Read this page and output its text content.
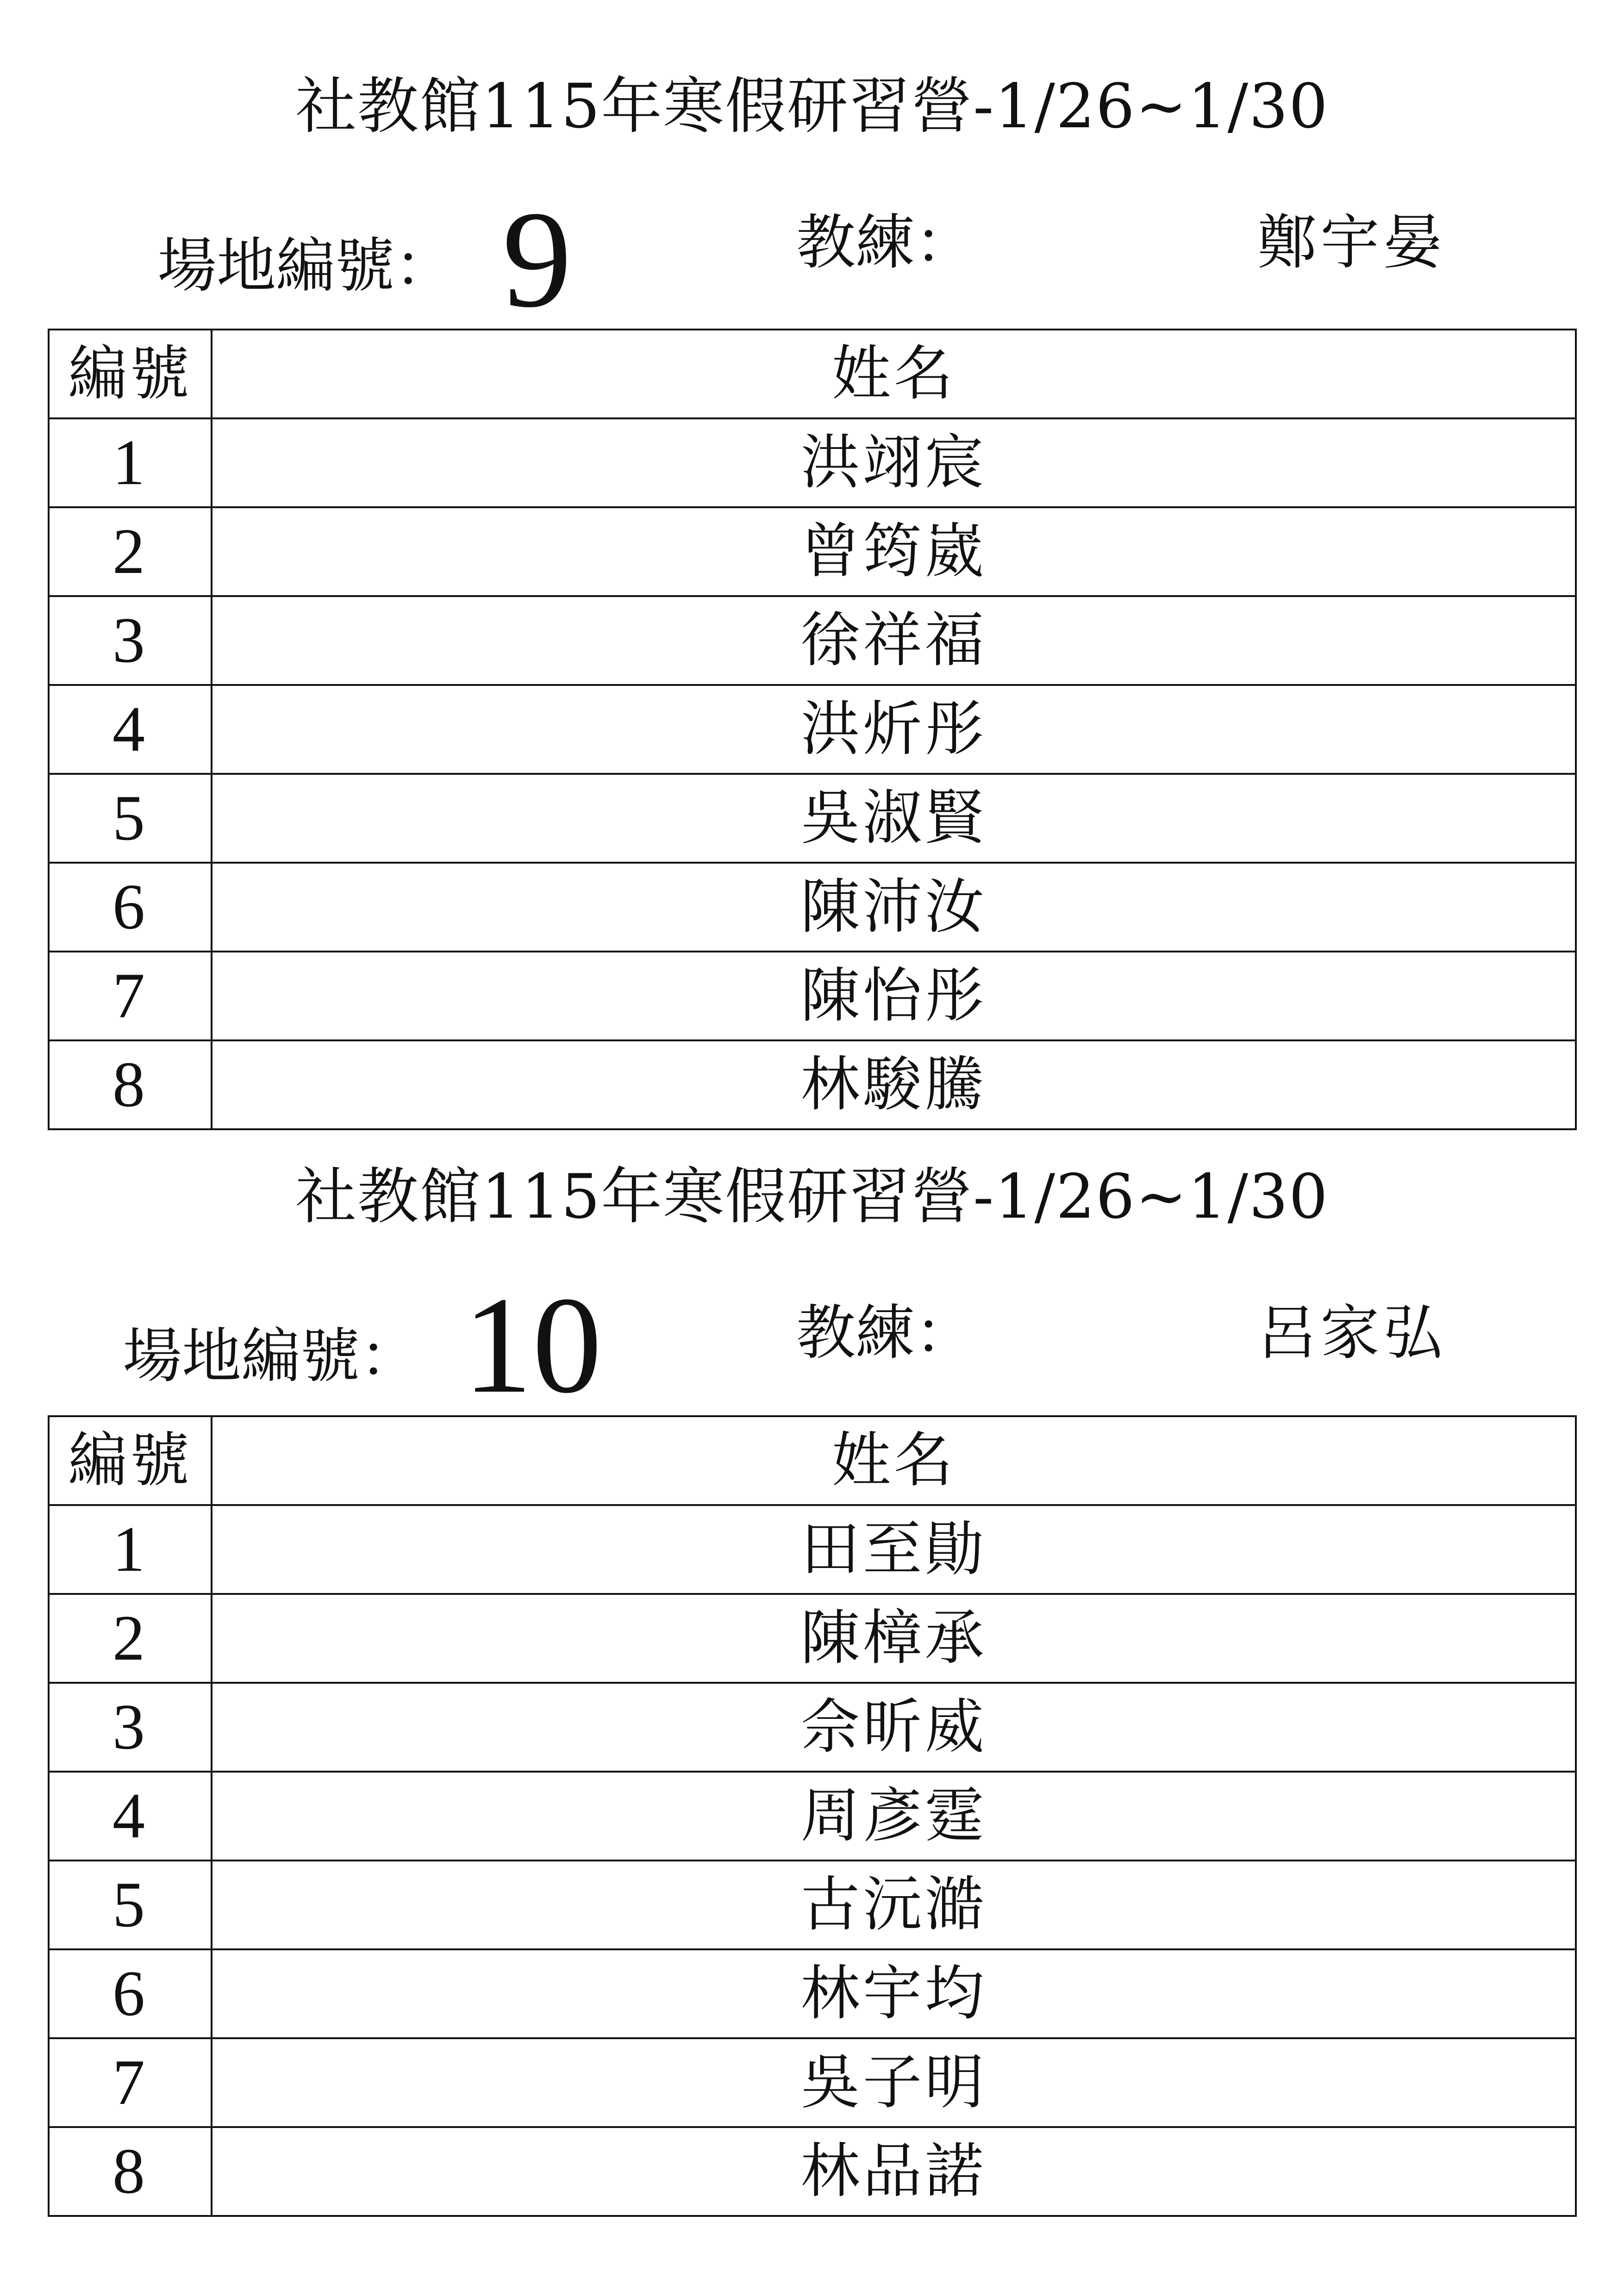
社教館115年寒假研習營-1/26~1/30
場地編號： 9	教練：	鄭宇晏
編號	姓名
1	洪翊宸
2	曾筠崴
3	徐祥福
4	洪炘彤
5	吳淑賢
6	陳沛汝
7	陳怡彤
8	林駿騰
社教館115年寒假研習營-1/26~1/30
場地編號： 10	教練：	呂家弘
編號	姓名
1	田至勛
2	陳樟承
3	佘昕威
4	周彥霆
5	古沅澔
6	林宇均
7	吳子明
8	林品諾
